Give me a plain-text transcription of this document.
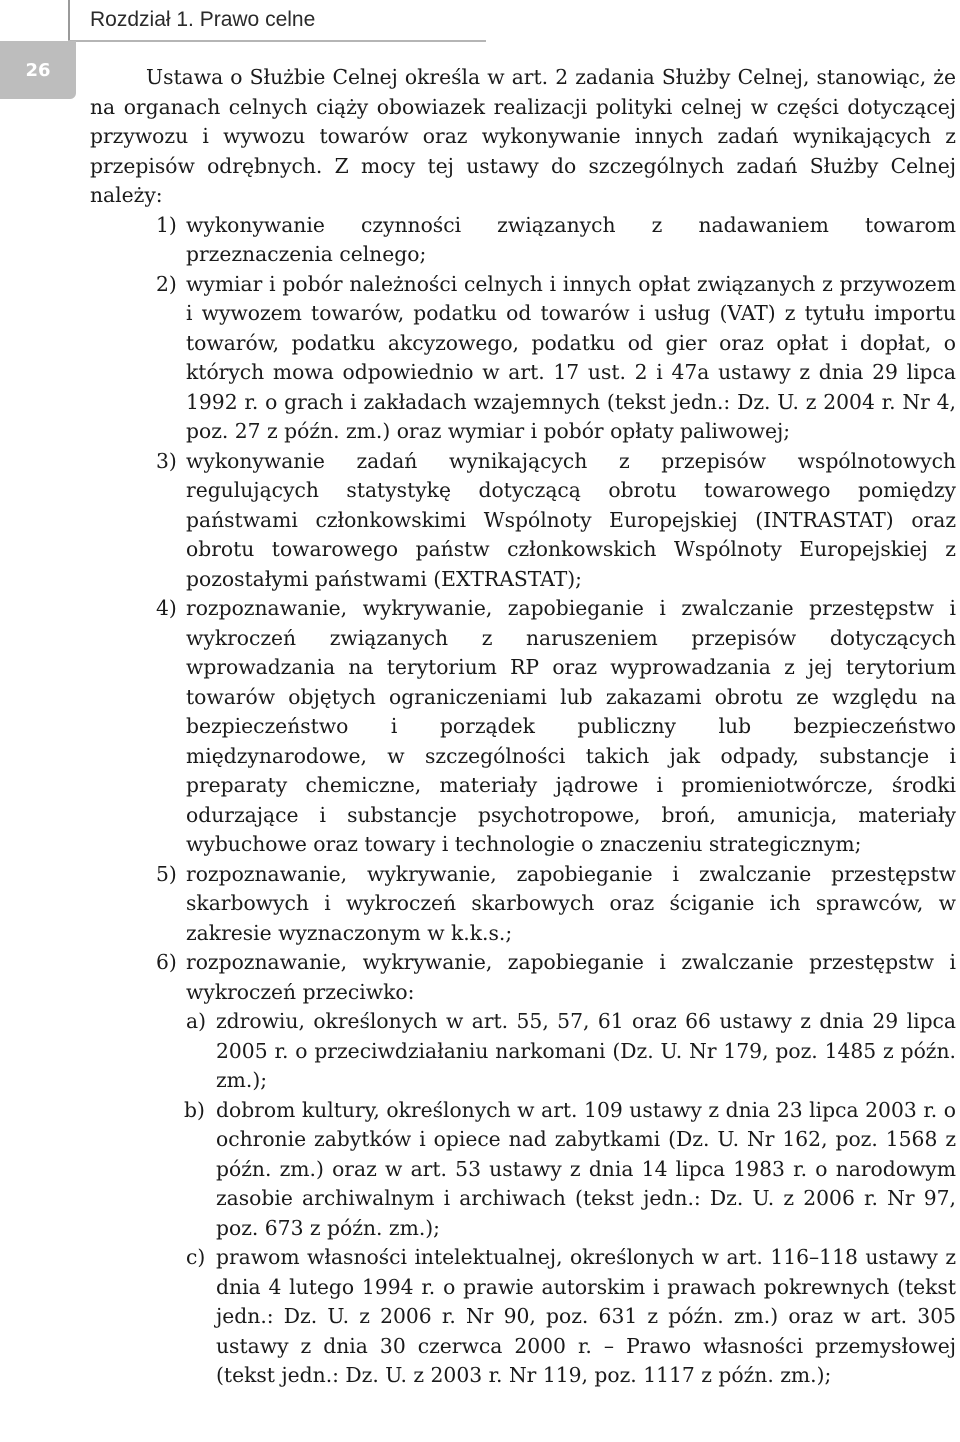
Rozdział 1. Prawo celne
26	Ustawa o Służbie Celnej określa w art. 2 zadania Służby Celnej, stanowiąc, że na organach celnych ciąży obowiazek realizacji polityki celnej w części dotyczącej przywozu i wywozu towarów oraz wykonywanie innych zadań wynikających z przepisów odrębnych. Z mocy tej ustawy do szczególnych zadań Służby Celnej należy:

1) wykonywanie czynności związanych z nadawaniem towarom przeznaczenia celnego;
2) wymiar i pobór należności celnych i innych opłat związanych z przywozem i wywozem towarów, podatku od towarów i usług (VAT) z tytułu importu towarów, podatku akcyzowego, podatku od gier oraz opłat i dopłat, o których mowa odpowiednio w art. 17 ust. 2 i 47a ustawy z dnia 29 lipca 1992 r. o grach i zakładach wzajemnych (tekst jedn.: Dz. U. z 2004 r. Nr 4, poz. 27 z późn. zm.) oraz wymiar i pobór opłaty paliwowej;
3) wykonywanie zadań wynikających z przepisów wspólnotowych regulujących statystykę dotyczącą obrotu towarowego pomiędzy państwami członkowskimi Wspólnoty Europejskiej (INTRASTAT) oraz obrotu towarowego państw członkowskich Wspólnoty Europejskiej z pozostałymi państwami (EXTRASTAT);
4) rozpoznawanie, wykrywanie, zapobieganie i zwalczanie przestępstw i wykroczeń związanych z naruszeniem przepisów dotyczących wprowadzania na terytorium RP oraz wyprowadzania z jej terytorium towarów objętych ograniczeniami lub zakazami obrotu ze względu na bezpieczeństwo i porządek publiczny lub bezpieczeństwo międzynarodowe, w szczególności takich jak odpady, substancje i preparaty chemiczne, materiały jądrowe i promieniotwórcze, środki odurzające i substancje psychotropowe, broń, amunicja, materiały wybuchowe oraz towary i technologie o znaczeniu strategicznym;
5) rozpoznawanie, wykrywanie, zapobieganie i zwalczanie przestępstw skarbowych i wykroczeń skarbowych oraz ściganie ich sprawców, w zakresie wyznaczonym w k.k.s.;
6) rozpoznawanie, wykrywanie, zapobieganie i zwalczanie przestępstw i wykroczeń przeciwko:
a) zdrowiu, określonych w art. 55, 57, 61 oraz 66 ustawy z dnia 29 lipca 2005 r. o przeciwdziałaniu narkomani (Dz. U. Nr 179, poz. 1485 z późn. zm.);
b) dobrom kultury, określonych w art. 109 ustawy z dnia 23 lipca 2003 r. o ochronie zabytków i opiece nad zabytkami (Dz. U. Nr 162, poz. 1568 z późn. zm.) oraz w art. 53 ustawy z dnia 14 lipca 1983 r. o narodowym zasobie archiwalnym i archiwach (tekst jedn.: Dz. U. z 2006 r. Nr 97, poz. 673 z późn. zm.);
c) prawom własności intelektualnej, określonych w art. 116–118 ustawy z dnia 4 lutego 1994 r. o prawie autorskim i prawach pokrewnych (tekst jedn.: Dz. U. z 2006 r. Nr 90, poz. 631 z późn. zm.) oraz w art. 305 ustawy z dnia 30 czerwca 2000 r. – Prawo własności przemysłowej (tekst jedn.: Dz. U. z 2003 r. Nr 119, poz. 1117 z późn. zm.);
